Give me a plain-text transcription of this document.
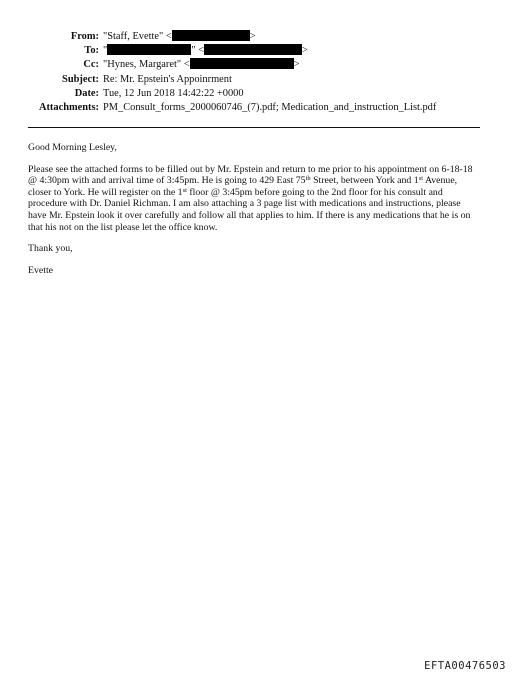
From: "Staff, Evette" <	>
To: "	" <	>
Cc: "Hynes, Margaret" <	>
Subject: Re: Mr. Epstein's Appoinrment
Date: Tue, 12 Jun 2018 14:42:22 +0000
Attachments: PM_Consult_forms_2000060746_(7).pdf; Medication_and_instruction_List.pdf

Good Morning Lesley,

Please see the attached forms to be filled out by Mr. Epstein and return to me prior to his appointment on 6-18-18 @ 4:30pm with and arrival time of 3:45pm. He is going to 429 East 75th Street, between York and 1st Avenue, closer to York. He will register on the 1st floor @ 3:45pm before going to the 2nd floor for his consult and procedure with Dr. Daniel Richman. I am also attaching a 3 page list with medications and instructions, please have Mr. Epstein look it over carefully and follow all that applies to him. If there is any medications that he is on that his not on the list please let the office know.

Thank you,

Evette

EFTA00476503
